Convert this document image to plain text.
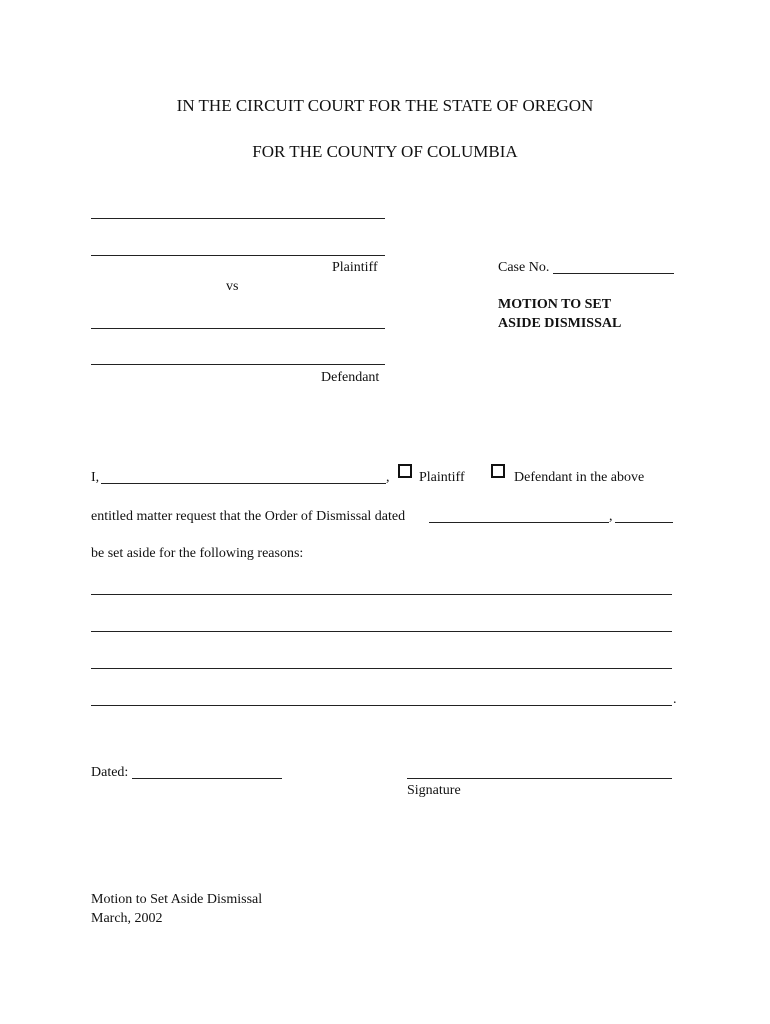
IN THE CIRCUIT COURT FOR THE STATE OF OREGON
FOR THE COUNTY OF COLUMBIA
Plaintiff
vs
Defendant
Case No.
MOTION TO SET
ASIDE DISMISSAL
I,	, Plaintiff	Defendant in the above
entitled matter request that the Order of Dismissal dated	,
be set aside for the following reasons:
.
Dated:
Signature
Motion to Set Aside Dismissal
March, 2002
